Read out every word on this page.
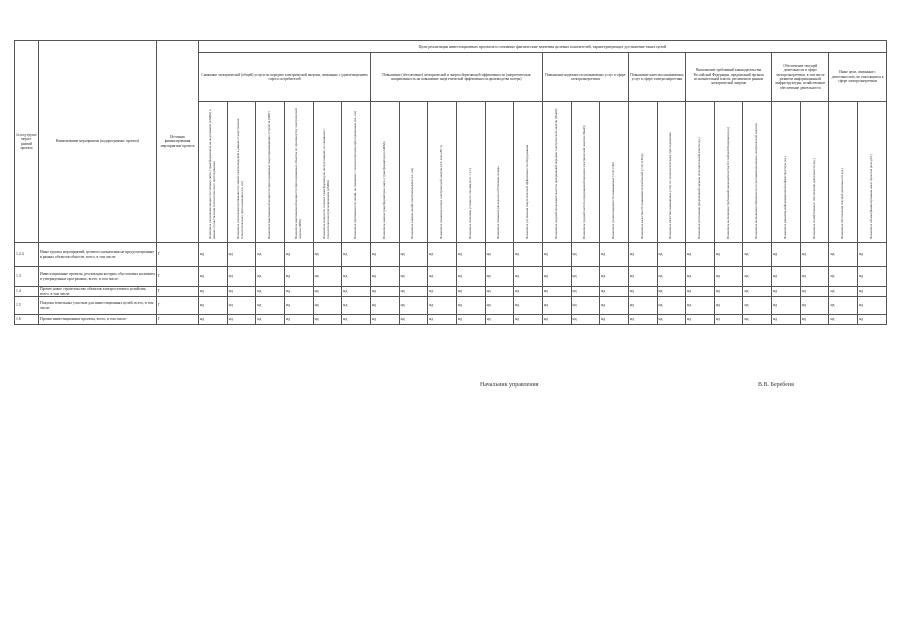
№ под-групп/ мероп-риятий проекта	Наименование мероприятия (подпрограммы/ проекта)	Источник финансирования мероприятия/ проекта	Цели реализации инвестиционных проектов и основные фактические значения целевых показателей, характеризующих достижение таких целей																							
			Снижение электрической (общей) услуги по передаче электрической энергии, связанных с удовлетворением спроса потребителей						Повышение (обеспечение) электрической и энергосберегающей эффективности (энергетическая направленность на повышение энергетической эффективности производства потерь)						Повышение надежности оказываемых услуг в сфере электроэнергетики			Повышение качества оказываемых услуг в сфере электроэнергетики		Выполнение требований законодательства Российской Федерации, предписаний органов исполнительной власти, регламентов рынков электрической энергии			Обеспечение текущей деятельности в сфере электроэнергетики, в том числе развитие информационной инфраструктуры, хозяйственное обеспечение деятельности		Иные цели, связанные с деятельностью, не относящиеся к сфере электроэнергетики	

			Показатель увеличения мощности силовых (авто-) трансформаторов на подстанциях (ΔМВА) в рамках осуществления технологического присоединения	Показатель увеличения протяженности линий электропередачи в рамках осуществления технологического присоединения (ΔL, км)	Показатель максимальной мощности присоединяемых энергопринимающих устройств (МВт)	Показатель максимальной мощности присоединяемых объектов по производству электрической энергии (МВт)	Показатель мощности силовых трансформаторов на подстанциях, не связанных с технологическим присоединением (ΔМВА)	Показатель протяженности линий, не связанных с технологическим присоединением (ΔL, км)	Показатель замены трансформаторов, (авто-) трансформаторов (ΔМВА)	Показатель замены линий электропередачи (ΔL, км)	Показатель снижения потерь электрической энергии (ΔЭ, млн кВт·ч)	Показатель экономии условного топлива (тыс. т у.т.)	Показатель снижения расхода на собственные нужды	Показатель улучшения энергетической эффективности оборудования	Показатель средней продолжительности прекращений передачи электрической энергии (Пsaidi)	Показатель средней частоты прекращений передачи электрической энергии (Пsaifi)	Показатель уровня надежности оказываемых услуг (Пн)	Показатель качества обслуживания потребителей услуг (Птпр)	Показатель качества оказываемых услуг по технологическому присоединению	Показатель исполнения предписаний органов исполнительной власти (ед.)	Показатель выполнения требований законодательства Российской Федерации (ед.)	Показатель выполнения обязательств по регламентам рынков электрической энергии	Показатель развития информационной инфраструктуры (ед.)	Показатель хозяйственного обеспечения деятельности (ед.)	Показатель обеспечения текущей деятельности (ед.)	Показатель объема финансирования иных проектов (млн руб.)

1.2.4	Иные группы мероприятий, целевого назначения не предусмотренные в рамках объектов обществ, всего, в том числе:	Г	нд	нд	нд	нд	нд	нд	нд	нд	нд	нд	нд	нд	нд	нд	нд	нд	нд	нд	нд	нд	нд	нд	нд	нд
1.3	Инвестиционные проекты, реализация которых обусловлена наличием в утвержденных программах, всего, в том числе:	Г	нд	нд	нд	нд	нд	нд	нд	нд	нд	нд	нд	нд	нд	нд	нд	нд	нд	нд	нд	нд	нд	нд	нд	нд
1.4	Прочее новое строительство объектов электросетевого хозяйства, всего, в том числе:	Г	нд	нд	нд	нд	нд	нд	нд	нд	нд	нд	нд	нд	нд	нд	нд	нд	нд	нд	нд	нд	нд	нд	нд	нд
1.5	Покупка земельных участков для инвестиционных целей, всего, в том числе:	Г	нд	нд	нд	нд	нд	нд	нд	нд	нд	нд	нд	нд	нд	нд	нд	нд	нд	нд	нд	нд	нд	нд	нд	нд
1.6	Прочие инвестиционные проекты, всего, в том числе:	Г	нд	нд	нд	нд	нд	нд	нд	нд	нд	нд	нд	нд	нд	нд	нд	нд	нд	нд	нд	нд	нд	нд	нд	нд
Начальник управления	В.В. Беребеня
